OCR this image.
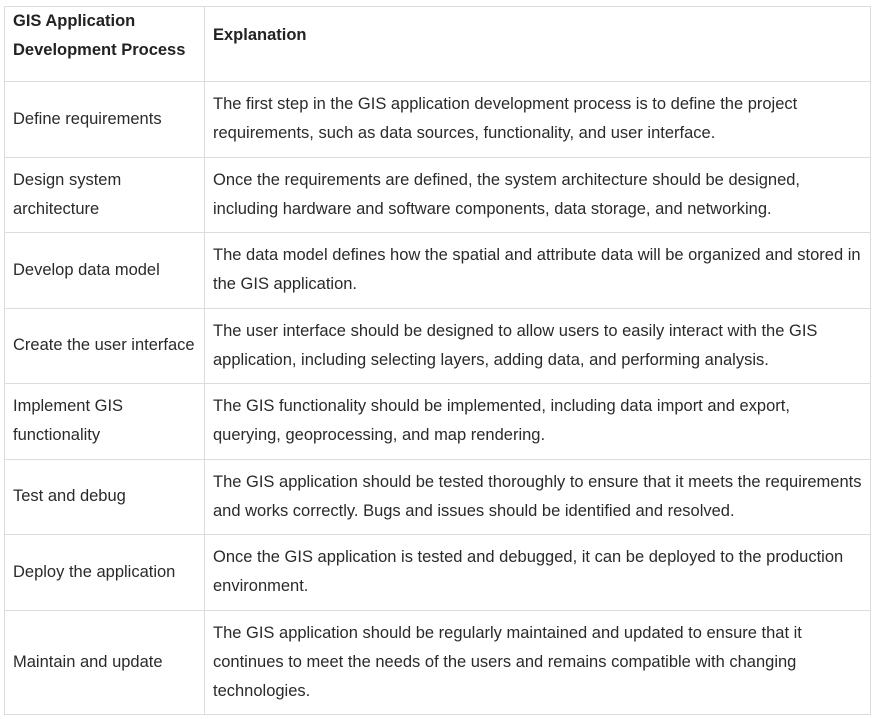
GIS Application Development Process	Explanation
Define requirements	The first step in the GIS application development process is to define the project requirements, such as data sources, functionality, and user interface.
Design system architecture	Once the requirements are defined, the system architecture should be designed, including hardware and software components, data storage, and networking.
Develop data model	The data model defines how the spatial and attribute data will be organized and stored in the GIS application.
Create the user interface	The user interface should be designed to allow users to easily interact with the GIS application, including selecting layers, adding data, and performing analysis.
Implement GIS functionality	The GIS functionality should be implemented, including data import and export, querying, geoprocessing, and map rendering.
Test and debug	The GIS application should be tested thoroughly to ensure that it meets the requirements and works correctly. Bugs and issues should be identified and resolved.
Deploy the application	Once the GIS application is tested and debugged, it can be deployed to the production environment.
Maintain and update	The GIS application should be regularly maintained and updated to ensure that it continues to meet the needs of the users and remains compatible with changing technologies.
